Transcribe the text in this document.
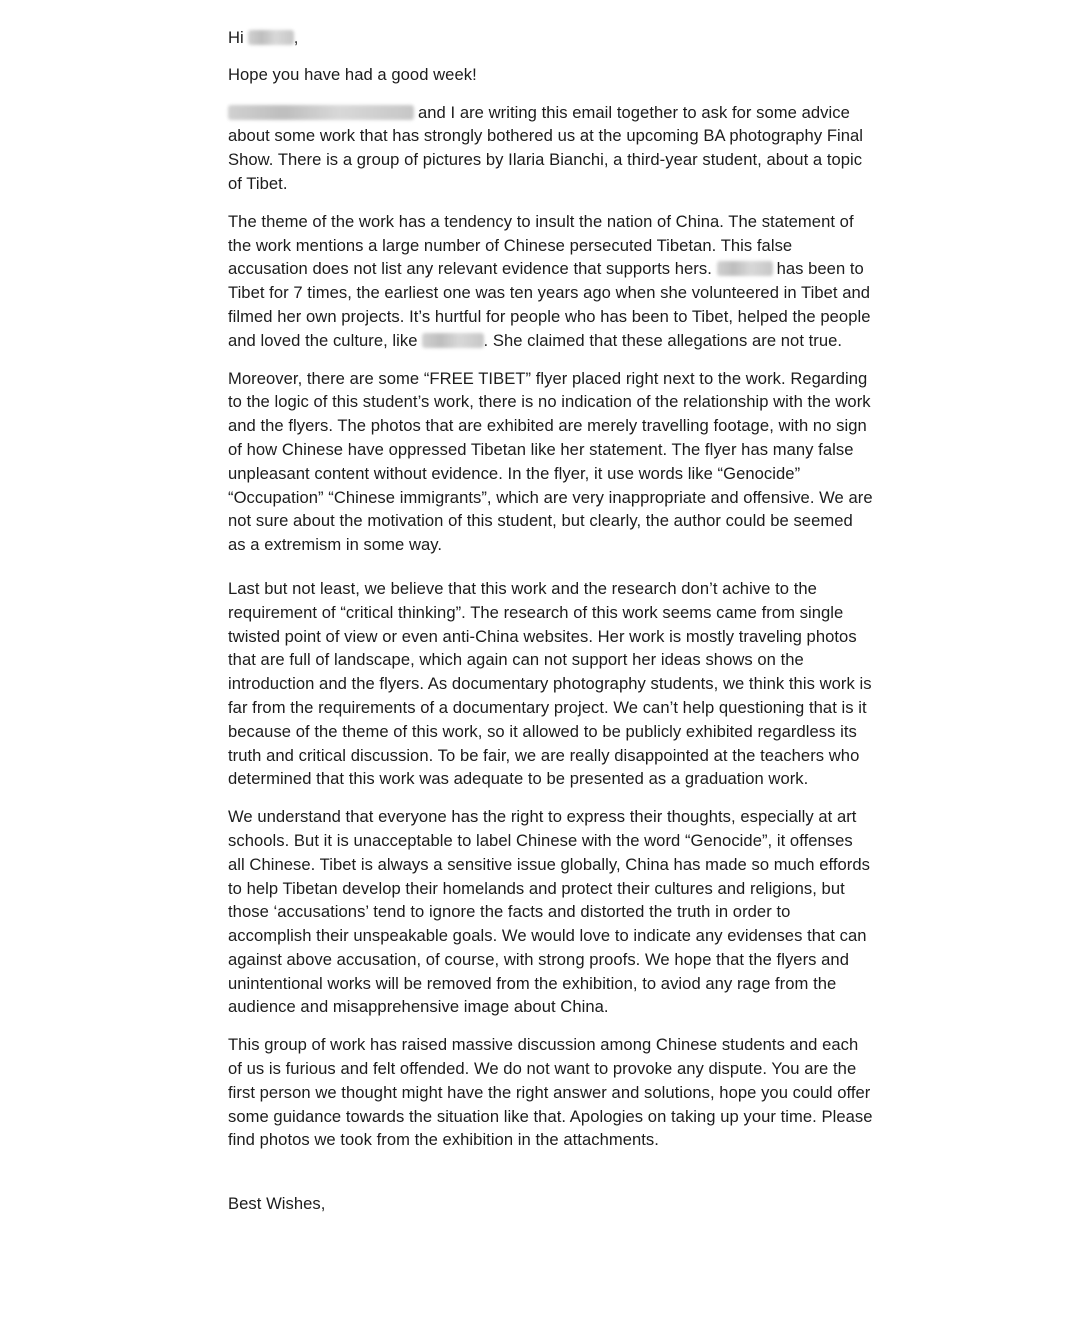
Hi	,

Hope you have had a good week!

and I are writing this email together to ask for some advice about some work that has strongly bothered us at the upcoming BA photography Final Show. There is a group of pictures by Ilaria Bianchi, a third-year student, about a topic of Tibet.

The theme of the work has a tendency to insult the nation of China. The statement of the work mentions a large number of Chinese persecuted Tibetan. This false accusation does not list any relevant evidence that supports hers.	has been to Tibet for 7 times, the earliest one was ten years ago when she volunteered in Tibet and filmed her own projects. It’s hurtful for people who has been to Tibet, helped the people and loved the culture, like	. She claimed that these allegations are not true.

Moreover, there are some “FREE TIBET” flyer placed right next to the work. Regarding to the logic of this student’s work, there is no indication of the relationship with the work and the flyers. The photos that are exhibited are merely travelling footage, with no sign of how Chinese have oppressed Tibetan like her statement. The flyer has many false unpleasant content without evidence. In the flyer, it use words like “Genocide” “Occupation” “Chinese immigrants”, which are very inappropriate and offensive. We are not sure about the motivation of this student, but clearly, the author could be seemed as a extremism in some way.

Last but not least, we believe that this work and the research don’t achive to the requirement of “critical thinking”. The research of this work seems came from single twisted point of view or even anti-China websites. Her work is mostly traveling photos that are full of landscape, which again can not support her ideas shows on the introduction and the flyers. As documentary photography students, we think this work is far from the requirements of a documentary project. We can’t help questioning that is it because of the theme of this work, so it allowed to be publicly exhibited regardless its truth and critical discussion. To be fair, we are really disappointed at the teachers who determined that this work was adequate to be presented as a graduation work.

We understand that everyone has the right to express their thoughts, especially at art schools. But it is unacceptable to label Chinese with the word “Genocide”, it offenses all Chinese. Tibet is always a sensitive issue globally, China has made so much effords to help Tibetan develop their homelands and protect their cultures and religions, but those ‘accusations’ tend to ignore the facts and distorted the truth in order to accomplish their unspeakable goals. We would love to indicate any evidenses that can against above accusation, of course, with strong proofs. We hope that the flyers and unintentional works will be removed from the exhibition, to aviod any rage from the audience and misapprehensive image about China.

This group of work has raised massive discussion among Chinese students and each of us is furious and felt offended. We do not want to provoke any dispute. You are the first person we thought might have the right answer and solutions, hope you could offer some guidance towards the situation like that. Apologies on taking up your time. Please find photos we took from the exhibition in the attachments.

Best Wishes,
